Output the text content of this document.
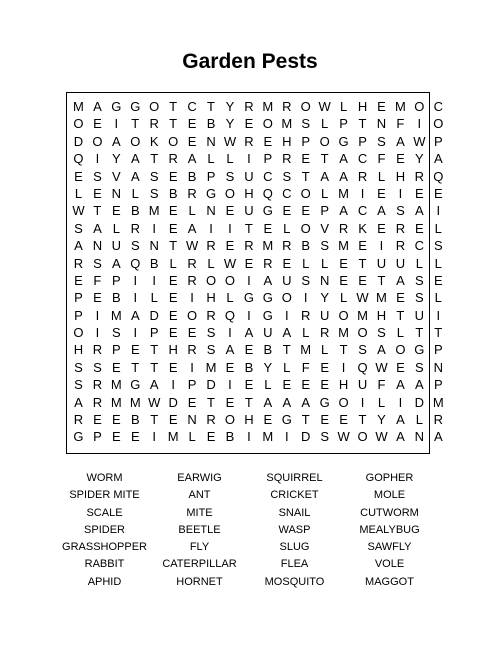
Garden Pests
M A G G O T C T Y R M R O W L H E M O C
O E I	T R T E B Y E O M S L P T N F	I O
D O A O K O E N W R E H P O G P S A W P
Q I Y A T R A L L	I P R E T A C F E Y A
E S V A S E B P S U C S T A A R L H R Q
L E N L S B R G O H Q C O L M I E I E E
W T E B M E L N E U G E E P A C A S A I
S A L R I E A I	I	T E L O V R K E R E L
A N U S N T W R E R M R B S M E I R C S
R S A Q B L R L W E R E L L E T U U L L
E F P I	I E R O O I A U S N E E T A S E
P E B I	L E I H L G G O I Y L W M E S L
P I M A D E O R Q I G I R U O M H T U I
O I S I P E E S I A U A L R M O S L T T
H R P E T H R S A E B T M L T S A O G P
S S E T T E I M E B Y L F E I Q W E S N
S R M G A I P D I E L E E E H U F A A P
A R M M W D E T E T A A A G O I	L	I D M
R E E B T E N R O H E G T E E T Y A L R
G P E E I M L E B I M I D S W O W A N A
WORM	EARWIG	SQUIRREL	GOPHER
SPIDER MITE	ANT	CRICKET	MOLE
SCALE	MITE	SNAIL	CUTWORM
SPIDER	BEETLE	WASP	MEALYBUG
GRASSHOPPER	FLY	SLUG	SAWFLY
RABBIT	CATERPILLAR	FLEA	VOLE
APHID	HORNET	MOSQUITO	MAGGOT
